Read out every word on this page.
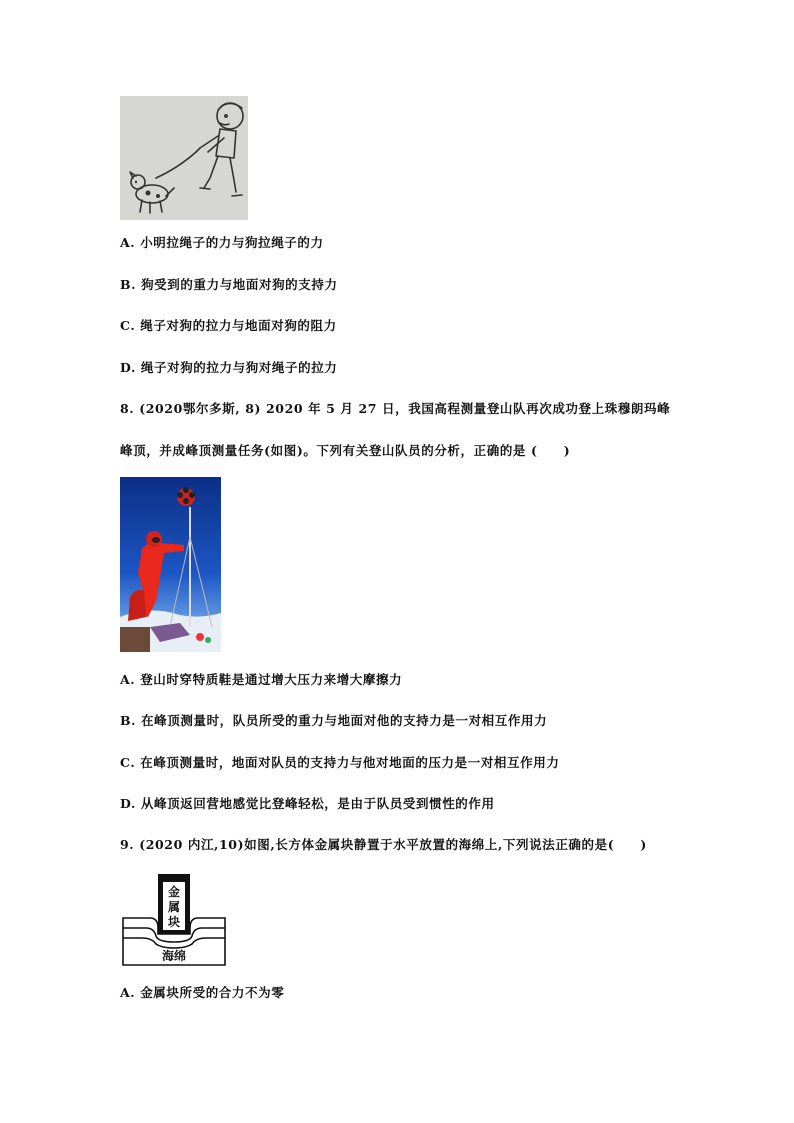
A. 小明拉绳子的力与狗拉绳子的力
B. 狗受到的重力与地面对狗的支持力
C. 绳子对狗的拉力与地面对狗的阻力
D. 绳子对狗的拉力与狗对绳子的拉力
8. (2020鄂尔多斯, 8) 2020 年 5 月 27 日，我国高程测量登山队再次成功登上珠穆朗玛峰
峰顶，并成峰顶测量任务(如图)。下列有关登山队员的分析，正确的是 (　　)
A. 登山时穿特质鞋是通过增大压力来增大摩擦力
B. 在峰顶测量时，队员所受的重力与地面对他的支持力是一对相互作用力
C. 在峰顶测量时，地面对队员的支持力与他对地面的压力是一对相互作用力
D. 从峰顶返回营地感觉比登峰轻松，是由于队员受到惯性的作用
9. (2020 内江,10)如图,长方体金属块静置于水平放置的海绵上,下列说法正确的是(　　)
金
属
块
海绵
A. 金属块所受的合力不为零
